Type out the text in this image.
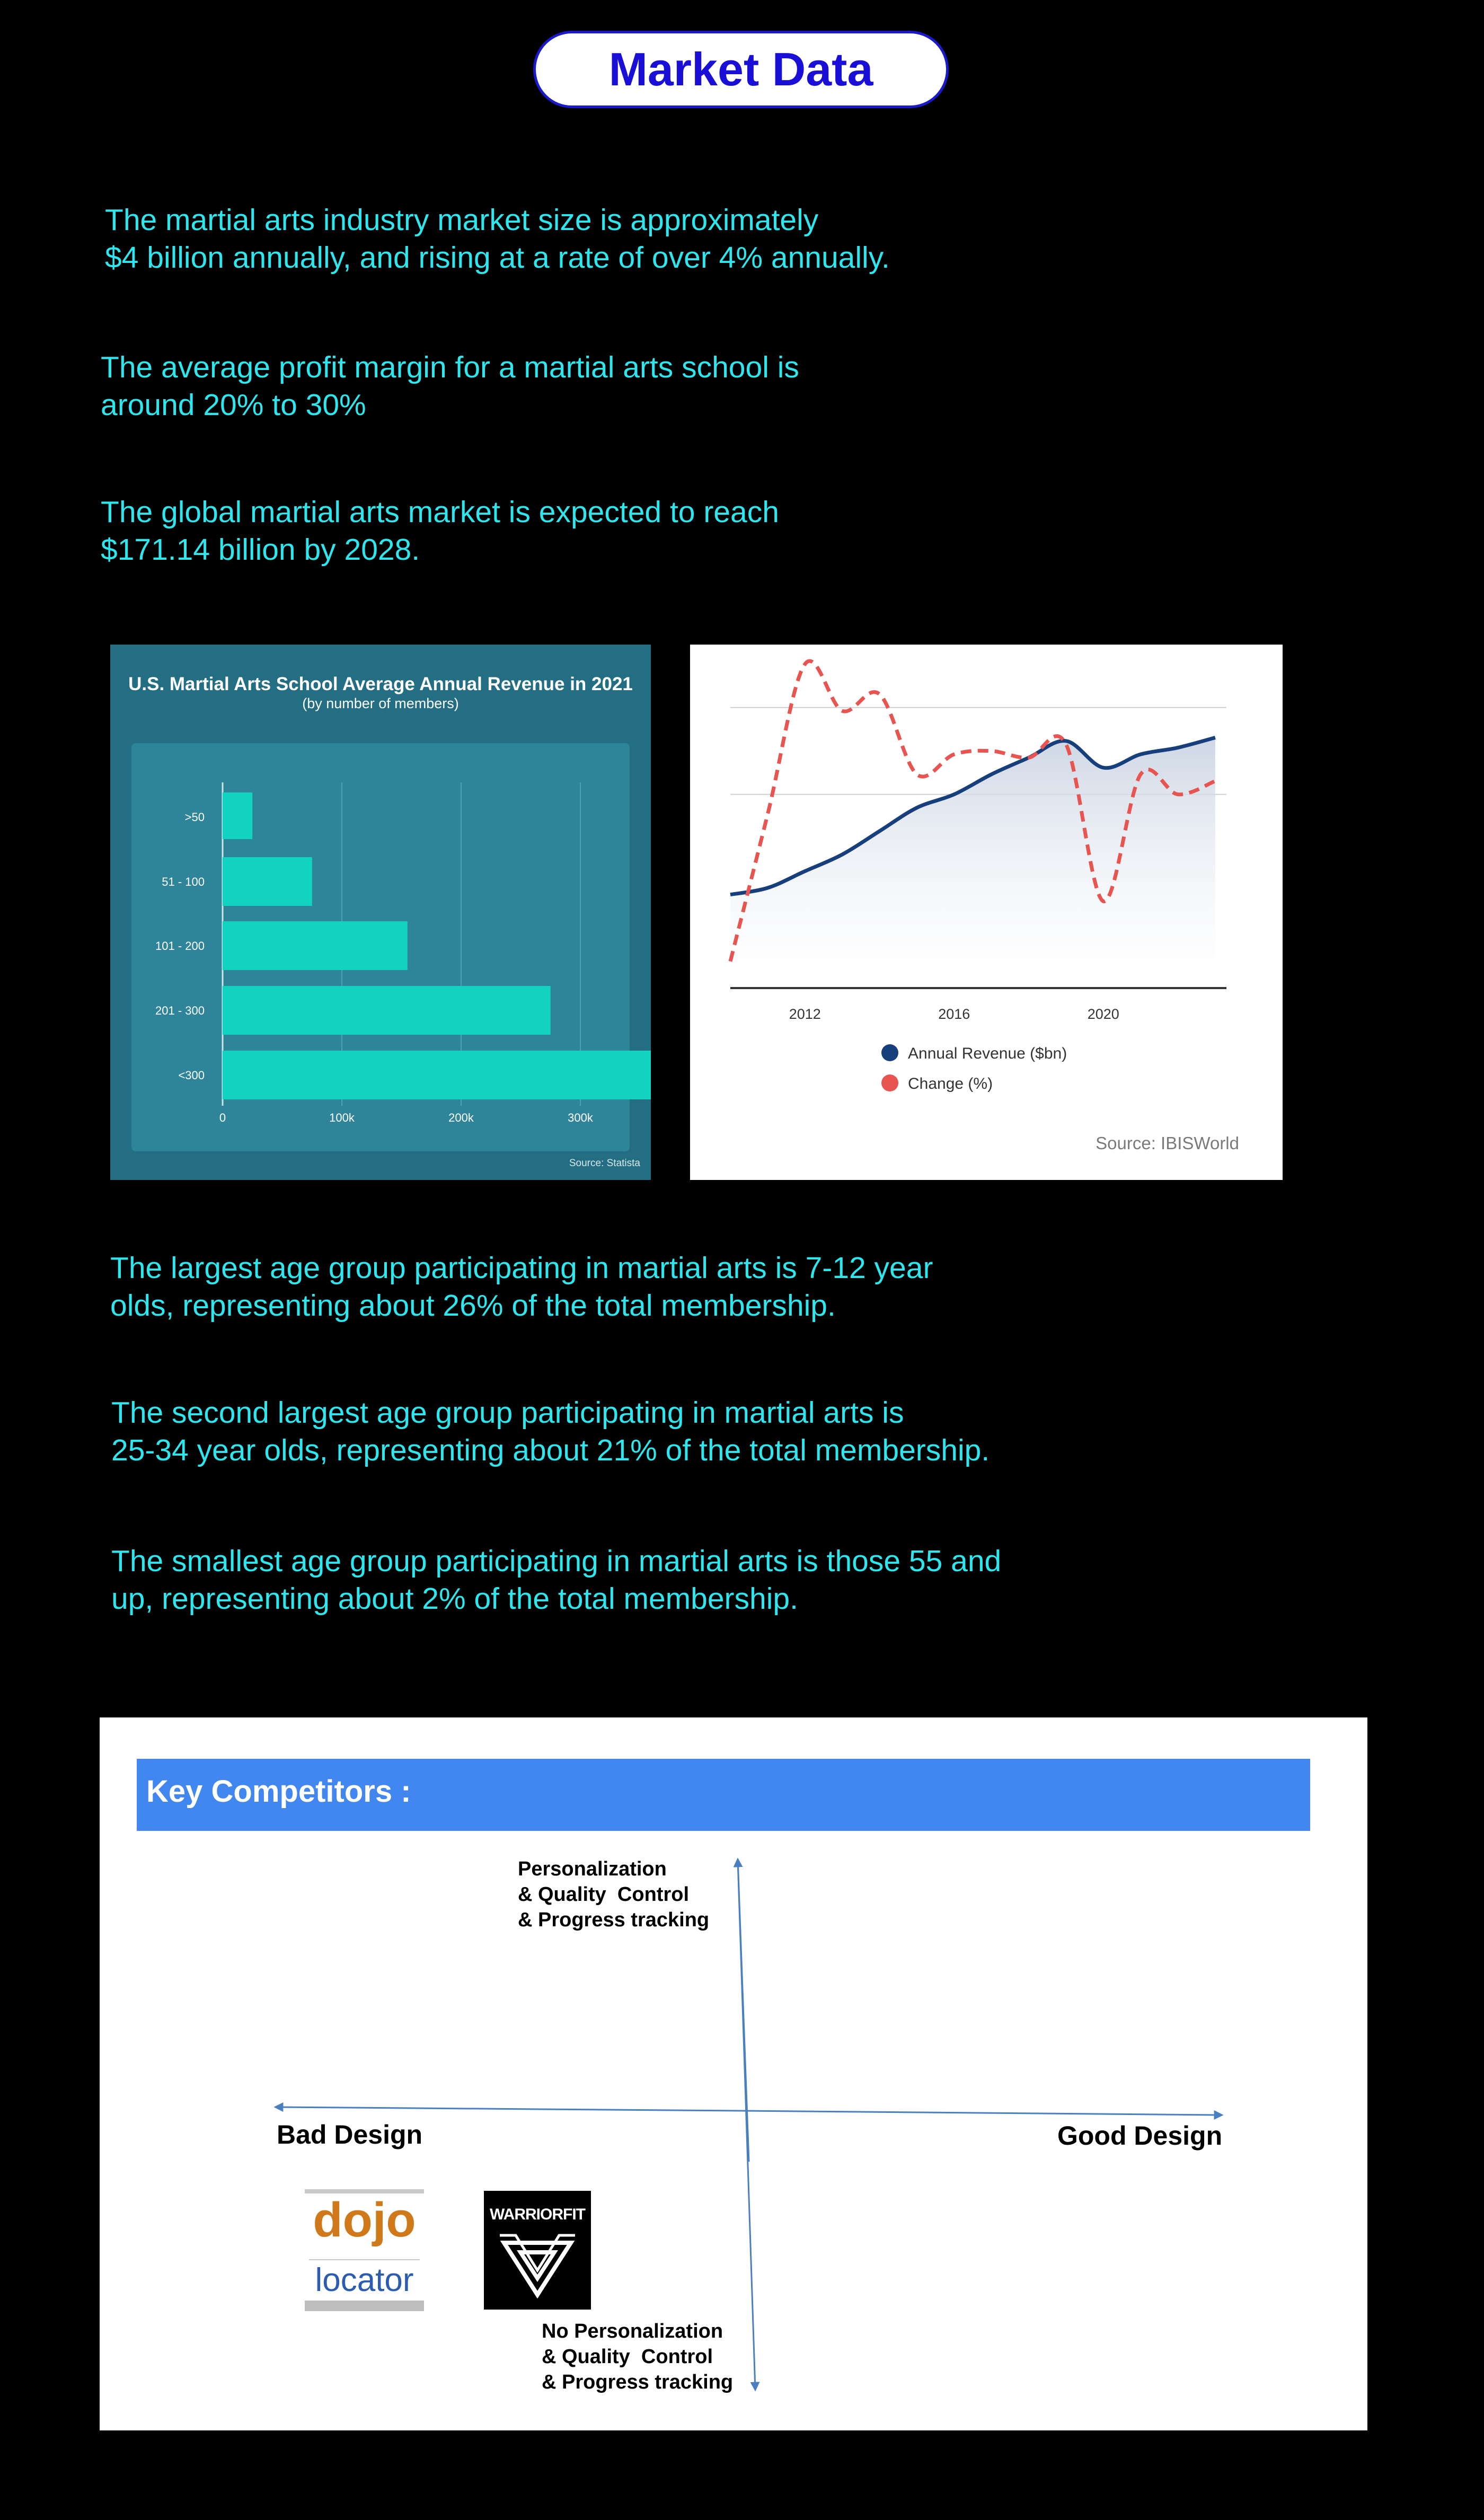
Market Data
The martial arts industry market size is approximately
$4 billion annually, and rising at a rate of over 4% annually.
The average profit margin for a martial arts school is
around 20% to 30%
The global martial arts market is expected to reach
$171.14 billion by 2028.
The largest age group participating in martial arts is 7-12 year
olds, representing about 26% of the total membership.
The second largest age group participating in martial arts is
25-34 year olds, representing about 21% of the total membership.
The smallest age group participating in martial arts is those 55 and
up, representing about 2% of the total membership.
U.S. Martial Arts School Average Annual Revenue in 2021
(by number of members)
>50
51 - 100
101 - 200
201 - 300
<300
0	100k	200k	300k
Source: Statista
2012	2016	2020
Annual Revenue ($bn)
Change (%)
Source: IBISWorld
Key Competitors :
Personalization
& Quality  Control
& Progress tracking
No Personalization
& Quality  Control
& Progress tracking
Bad Design	Good Design
dojo
locator
WARRIORFIT
